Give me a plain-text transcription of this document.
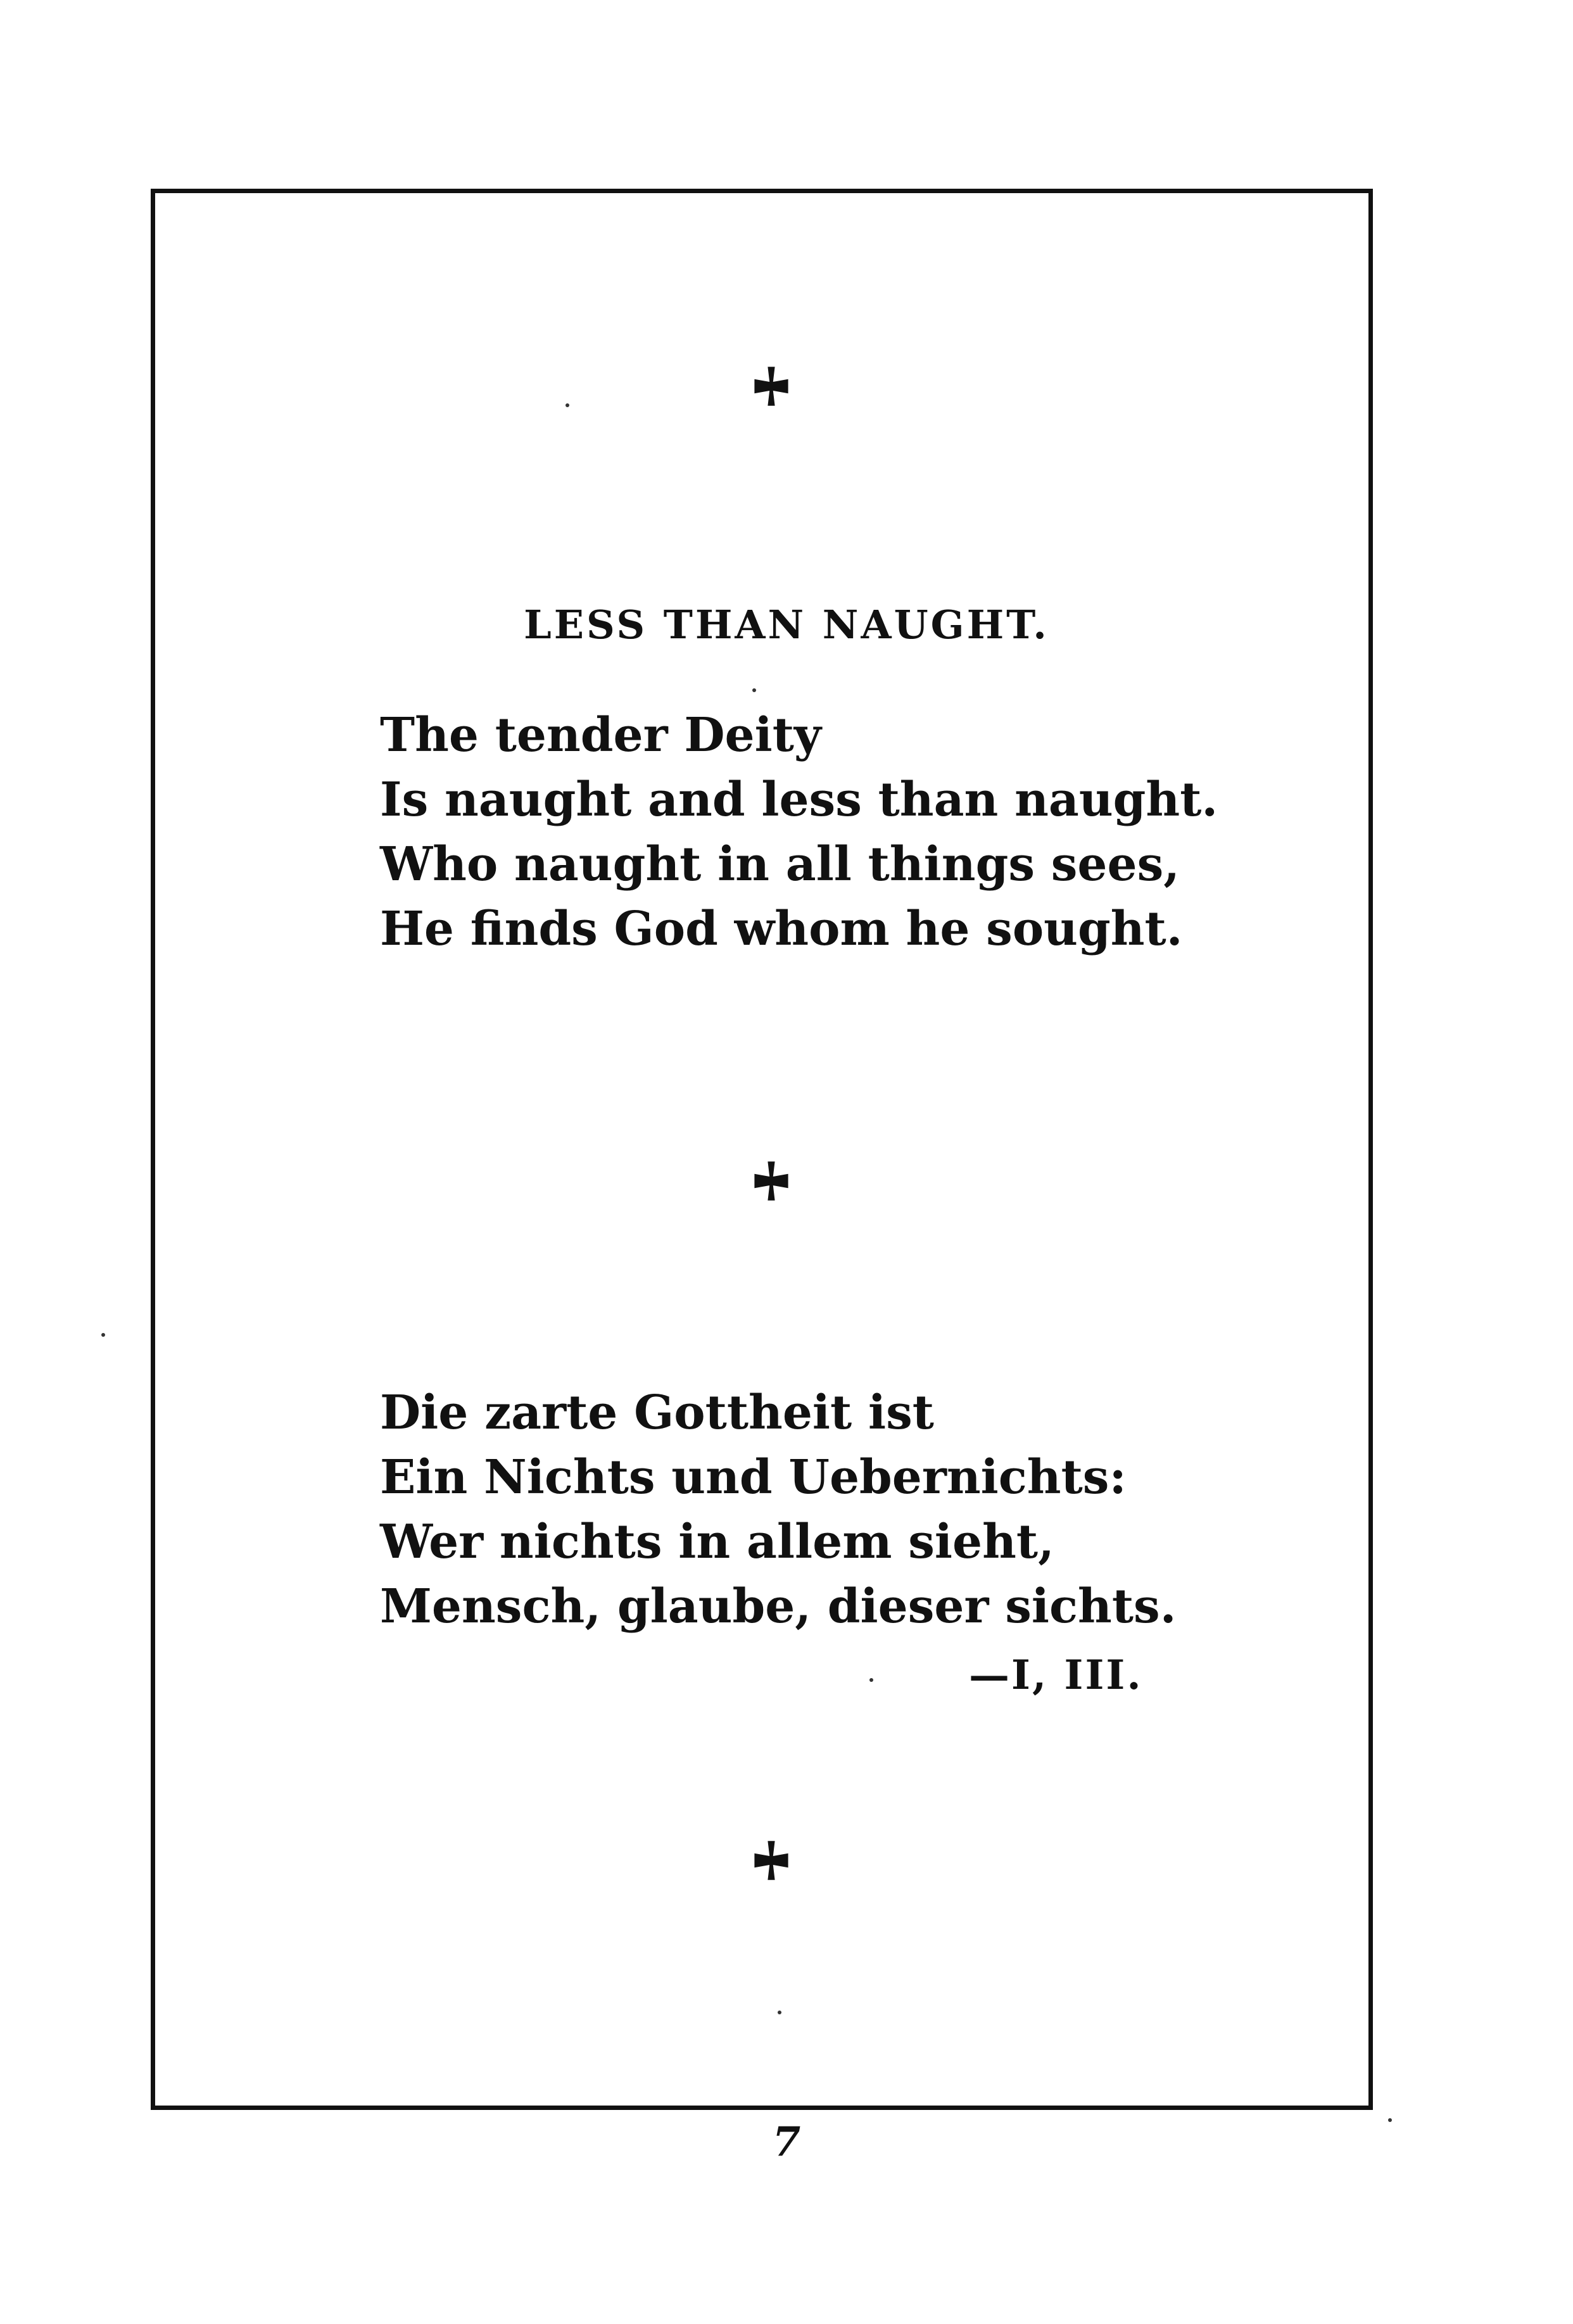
LESS THAN NAUGHT.
The tender Deity
Is naught and less than naught.
Who naught in all things sees,
He finds God whom he sought.
Die zarte Gottheit ist
Ein Nichts und Uebernichts:
Wer nichts in allem sieht,
Mensch, glaube, dieser sichts.
—I, III.
7
